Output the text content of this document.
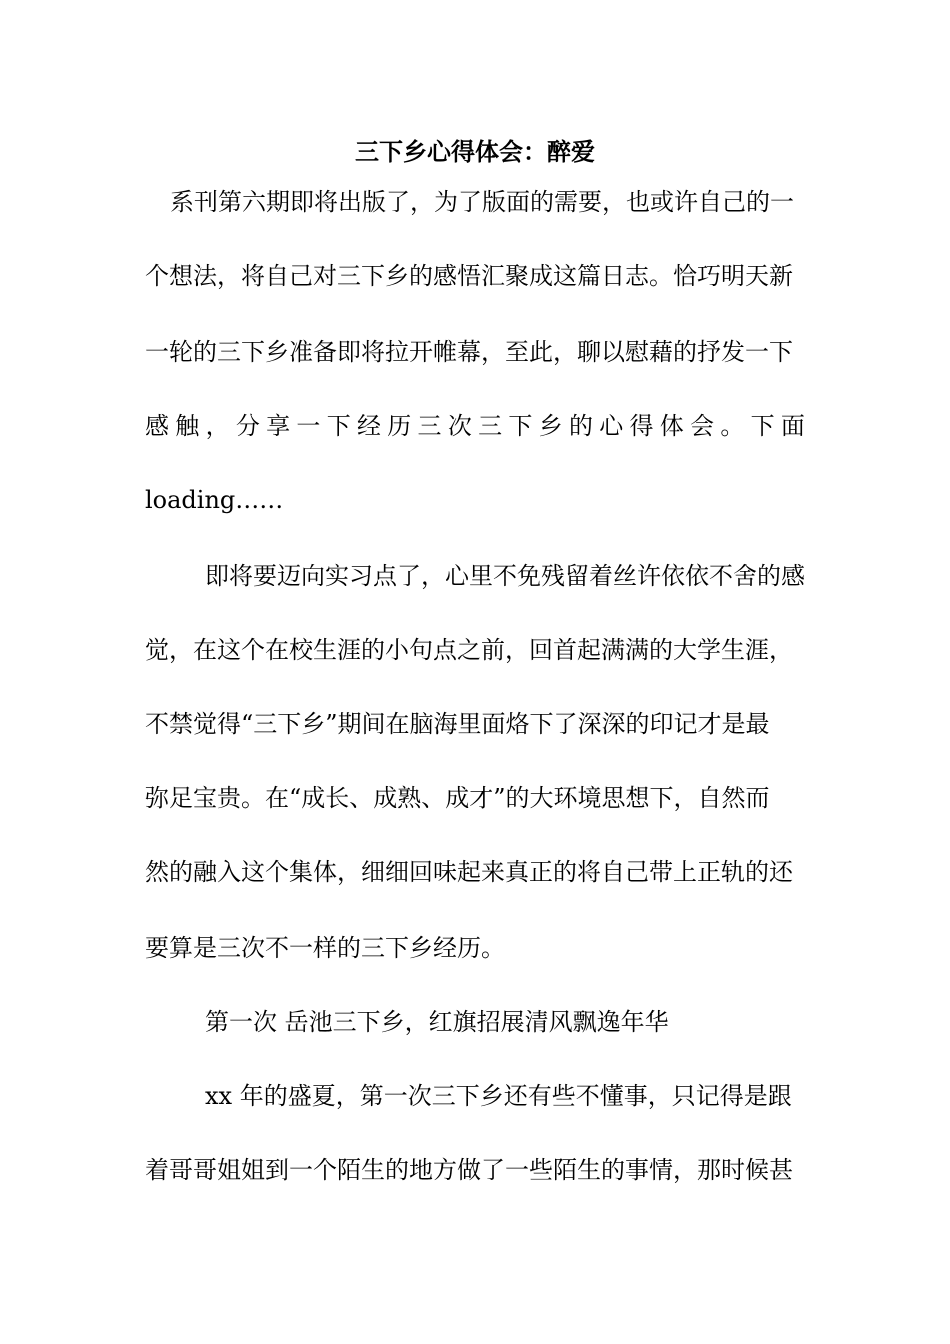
三下乡心得体会：醉爱
系刊第六期即将出版了，为了版面的需要，也或许自己的一
个想法，将自己对三下乡的感悟汇聚成这篇日志。恰巧明天新
一轮的三下乡准备即将拉开帷幕，至此，聊以慰藉的抒发一下
感 触 ， 分 享 一 下 经 历 三 次 三 下 乡 的 心 得 体 会 。 下 面
loading……
即将要迈向实习点了，心里不免残留着丝许依依不舍的感
觉，在这个在校生涯的小句点之前，回首起满满的大学生涯，
不禁觉得“三下乡”期间在脑海里面烙下了深深的印记才是最
弥足宝贵。在“成长、成熟、成才”的大环境思想下，自然而
然的融入这个集体，细细回味起来真正的将自己带上正轨的还
要算是三次不一样的三下乡经历。
第一次 岳池三下乡，红旗招展清风飘逸年华
xx 年的盛夏，第一次三下乡还有些不懂事，只记得是跟
着哥哥姐姐到一个陌生的地方做了一些陌生的事情，那时候甚
